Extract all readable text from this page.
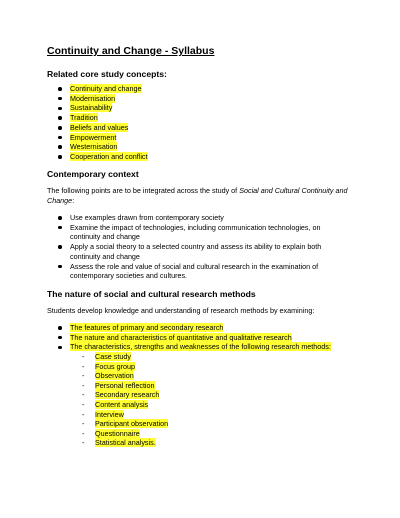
Continuity and Change - Syllabus
Related core study concepts:
Continuity and change
Modernisation
Sustainability
Tradition
Beliefs and values
Empowerment
Westernisation
Cooperation and conflict
Contemporary context

The following points are to be integrated across the study of Social and Cultural Continuity and Change:

Use examples drawn from contemporary society
Examine the impact of technologies, including communication technologies, on continuity and change
Apply a social theory to a selected country and assess its ability to explain both continuity and change
Assess the role and value of social and cultural research in the examination of contemporary societies and cultures.
The nature of social and cultural research methods

Students develop knowledge and understanding of research methods by examining:

The features of primary and secondary research
The nature and characteristics of quantitative and qualitative research
The characteristics, strengths and weaknesses of the following research methods:
- Case study
- Focus group
- Observation
- Personal reflection
- Secondary research
- Content analysis
- Interview
- Participant observation
- Questionnaire
- Statistical analysis.
